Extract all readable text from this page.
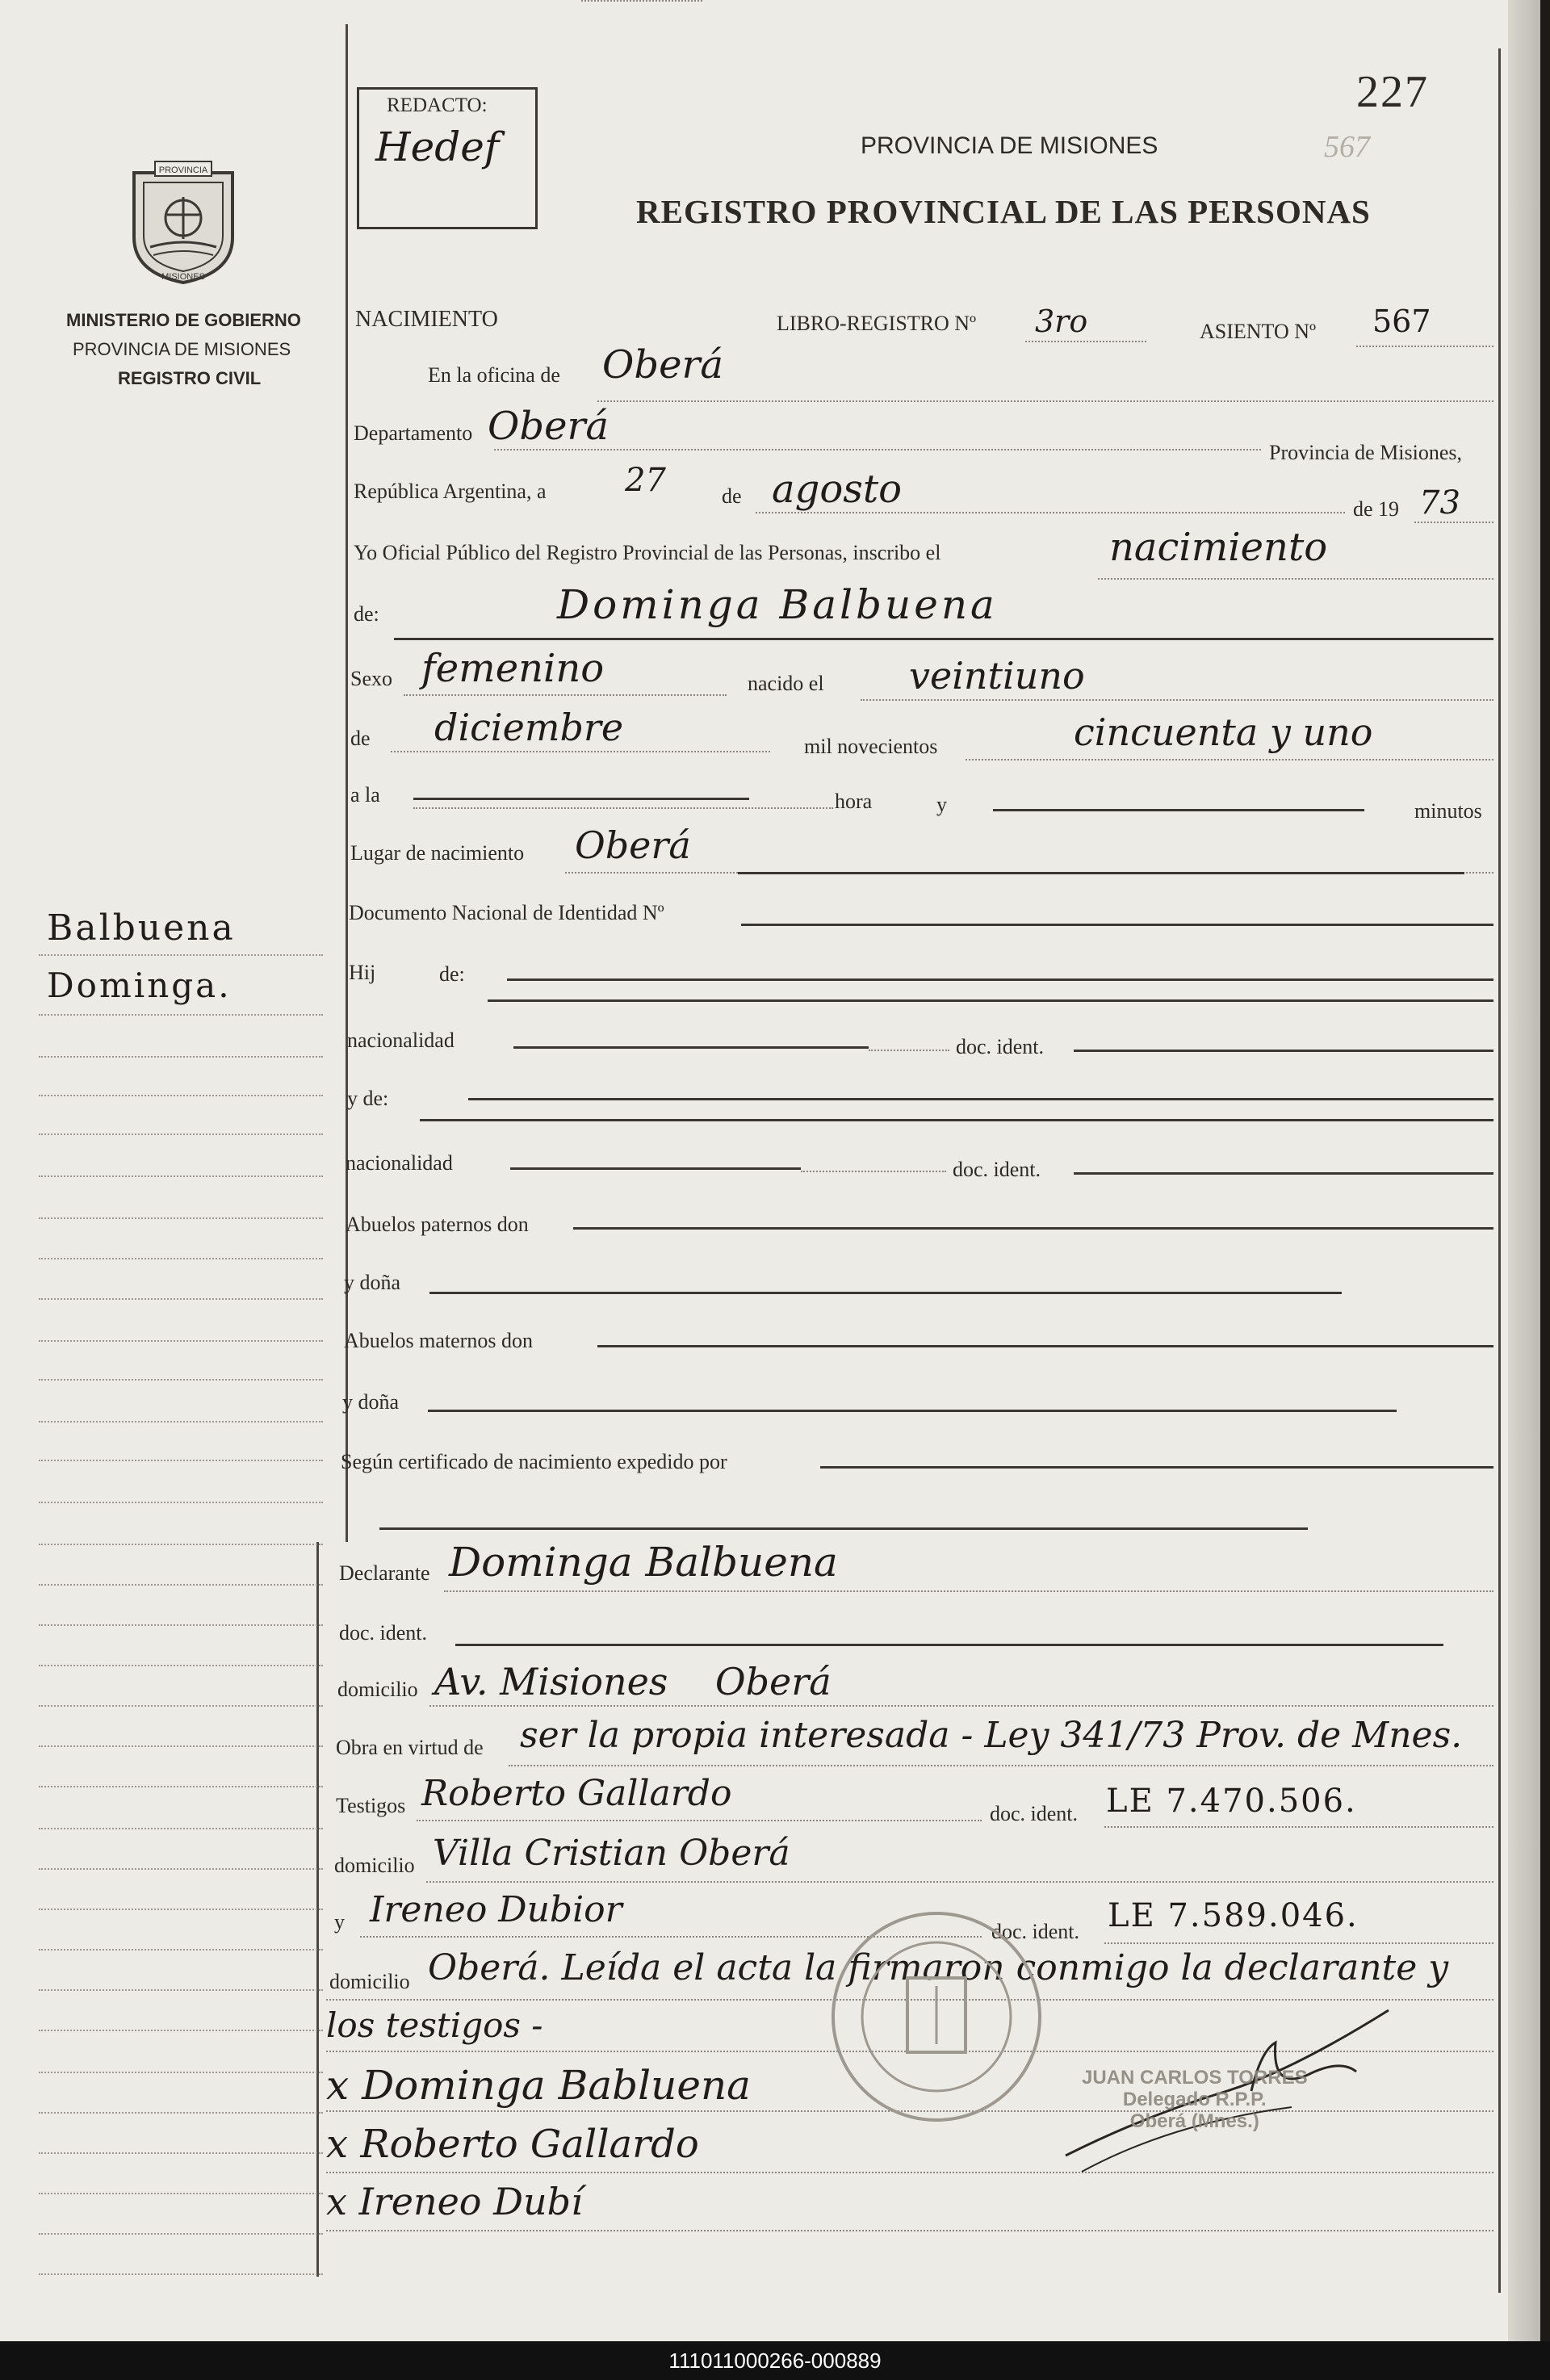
REDACTO:
Hedef
227
567
PROVINCIA DE MISIONES
REGISTRO PROVINCIAL DE LAS PERSONAS
PROVINCIA
MISIONES
MINISTERIO DE GOBIERNO
PROVINCIA DE MISIONES
REGISTRO CIVIL
Balbuena
Dominga.
NACIMIENTO	LIBRO-REGISTRO Nº 3ro	ASIENTO Nº 567
En la oficina de Oberá
Departamento Oberá
Provincia de Misiones,
República Argentina, a 27	de agosto	de 19 73
Yo Oficial Público del Registro Provincial de las Personas, inscribo el	nacimiento
de:	Dominga Balbuena
Sexo femenino	nacido el veintiuno
de diciembre	mil novecientos	cincuenta y uno
a la	hora	y	minutos
Lugar de nacimiento Oberá
Documento Nacional de Identidad Nº
Hij	de:
nacionalidad	doc. ident.
y de:
nacionalidad	doc. ident.
Abuelos paternos don
y doña
Abuelos maternos don
y doña
Según certificado de nacimiento expedido por
Declarante Dominga Balbuena
doc. ident.
domicilio Av. Misiones    Oberá
Obra en virtud de ser la propia interesada - Ley 341/73 Prov. de Mnes.
Testigos Roberto Gallardo	doc. ident. LE 7.470.506.
domicilio Villa Cristian Oberá
y Ireneo Dubior
doc. ident. LE 7.589.046.
domicilio Oberá. Leída el acta la firmaron conmigo la declarante y
los testigos -
x Dominga Babluena
x Roberto Gallardo
x Ireneo Dubí
JUAN CARLOS TORRES
Delegado R.P.P.
Oberá (Mnes.)
111011000266-000889
